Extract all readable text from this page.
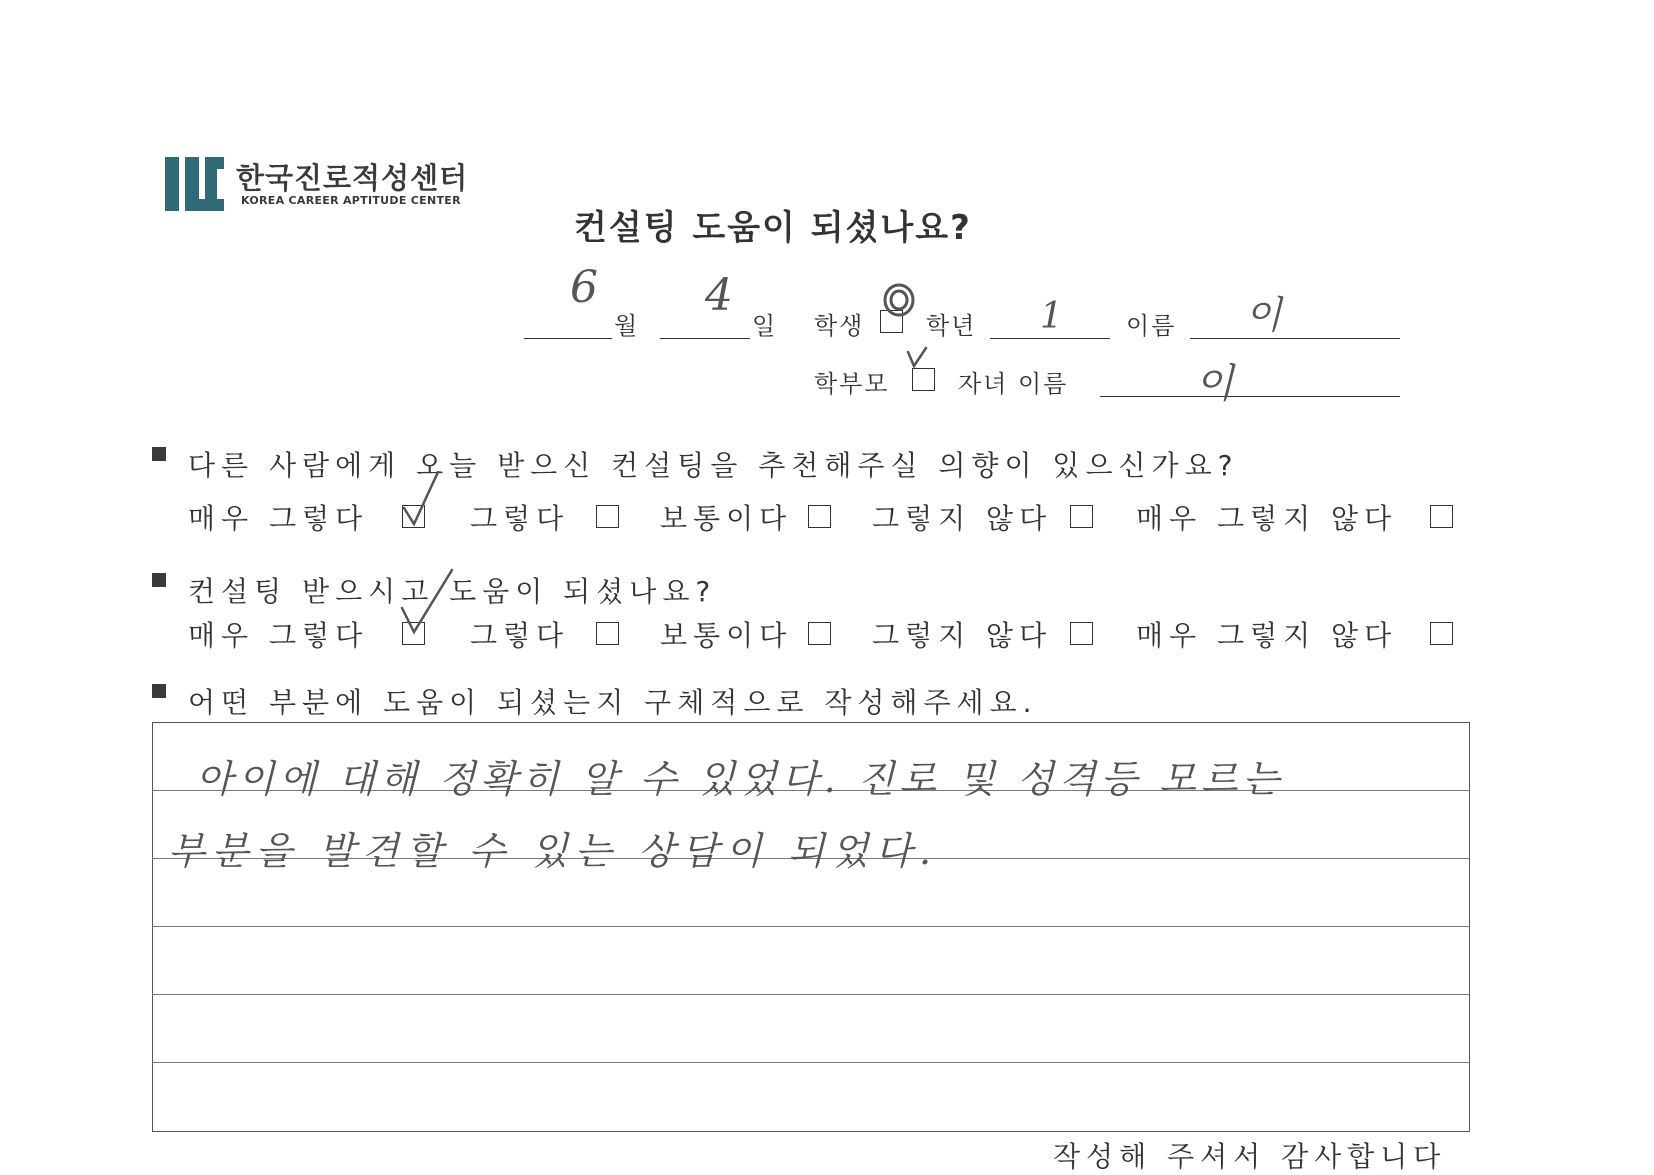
한국진로적성센터
KOREA CAREER APTITUDE CENTER
컨설팅 도움이 되셨나요?
6
월
4
일 학생	학년 1	이름 이
학부모	자녀 이름	이
다른 사람에게 오늘 받으신 컨설팅을 추천해주실 의향이 있으신가요?
매우 그렇다	그렇다	보통이다	그렇지 않다	매우 그렇지 않다
컨설팅 받으시고 도움이 되셨나요?
매우 그렇다	그렇다	보통이다	그렇지 않다	매우 그렇지 않다
어떤 부분에 도움이 되셨는지 구체적으로 작성해주세요.
아이에 대해 정확히 알 수 있었다. 진로 및 성격등 모르는
부분을 발견할 수 있는 상담이 되었다.
작성해 주셔서 감사합니다
